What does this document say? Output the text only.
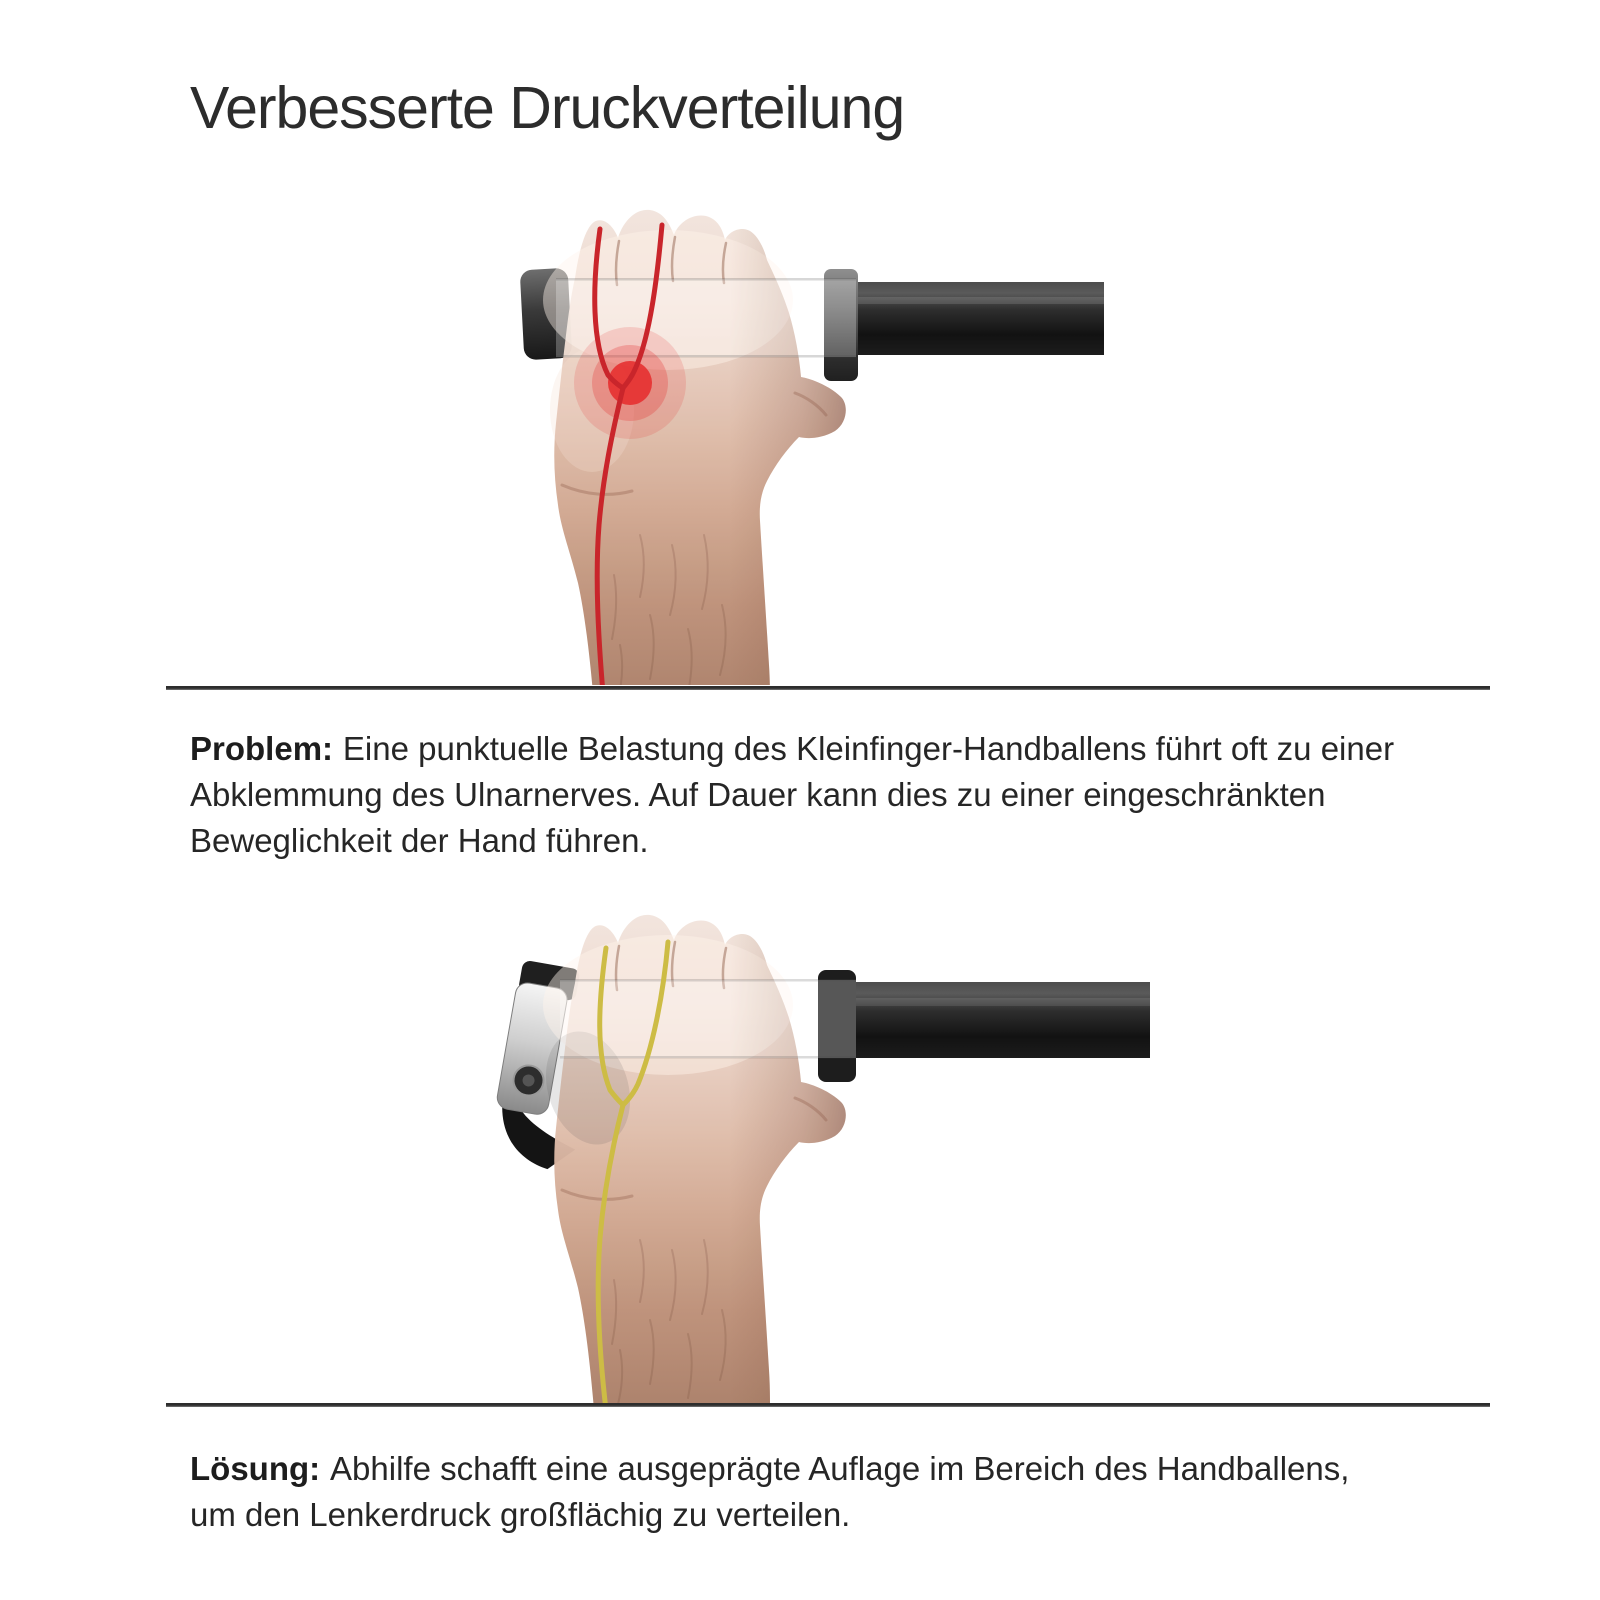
Verbesserte Druckverteilung

Problem: Eine punktuelle Belastung des Kleinfinger-Handballens führt oft zu einer
Abklemmung des Ulnarnerves. Auf Dauer kann dies zu einer eingeschränkten
Beweglichkeit der Hand führen.

Lösung: Abhilfe schafft eine ausgeprägte Auflage im Bereich des Handballens,
um den Lenkerdruck großflächig zu verteilen.
